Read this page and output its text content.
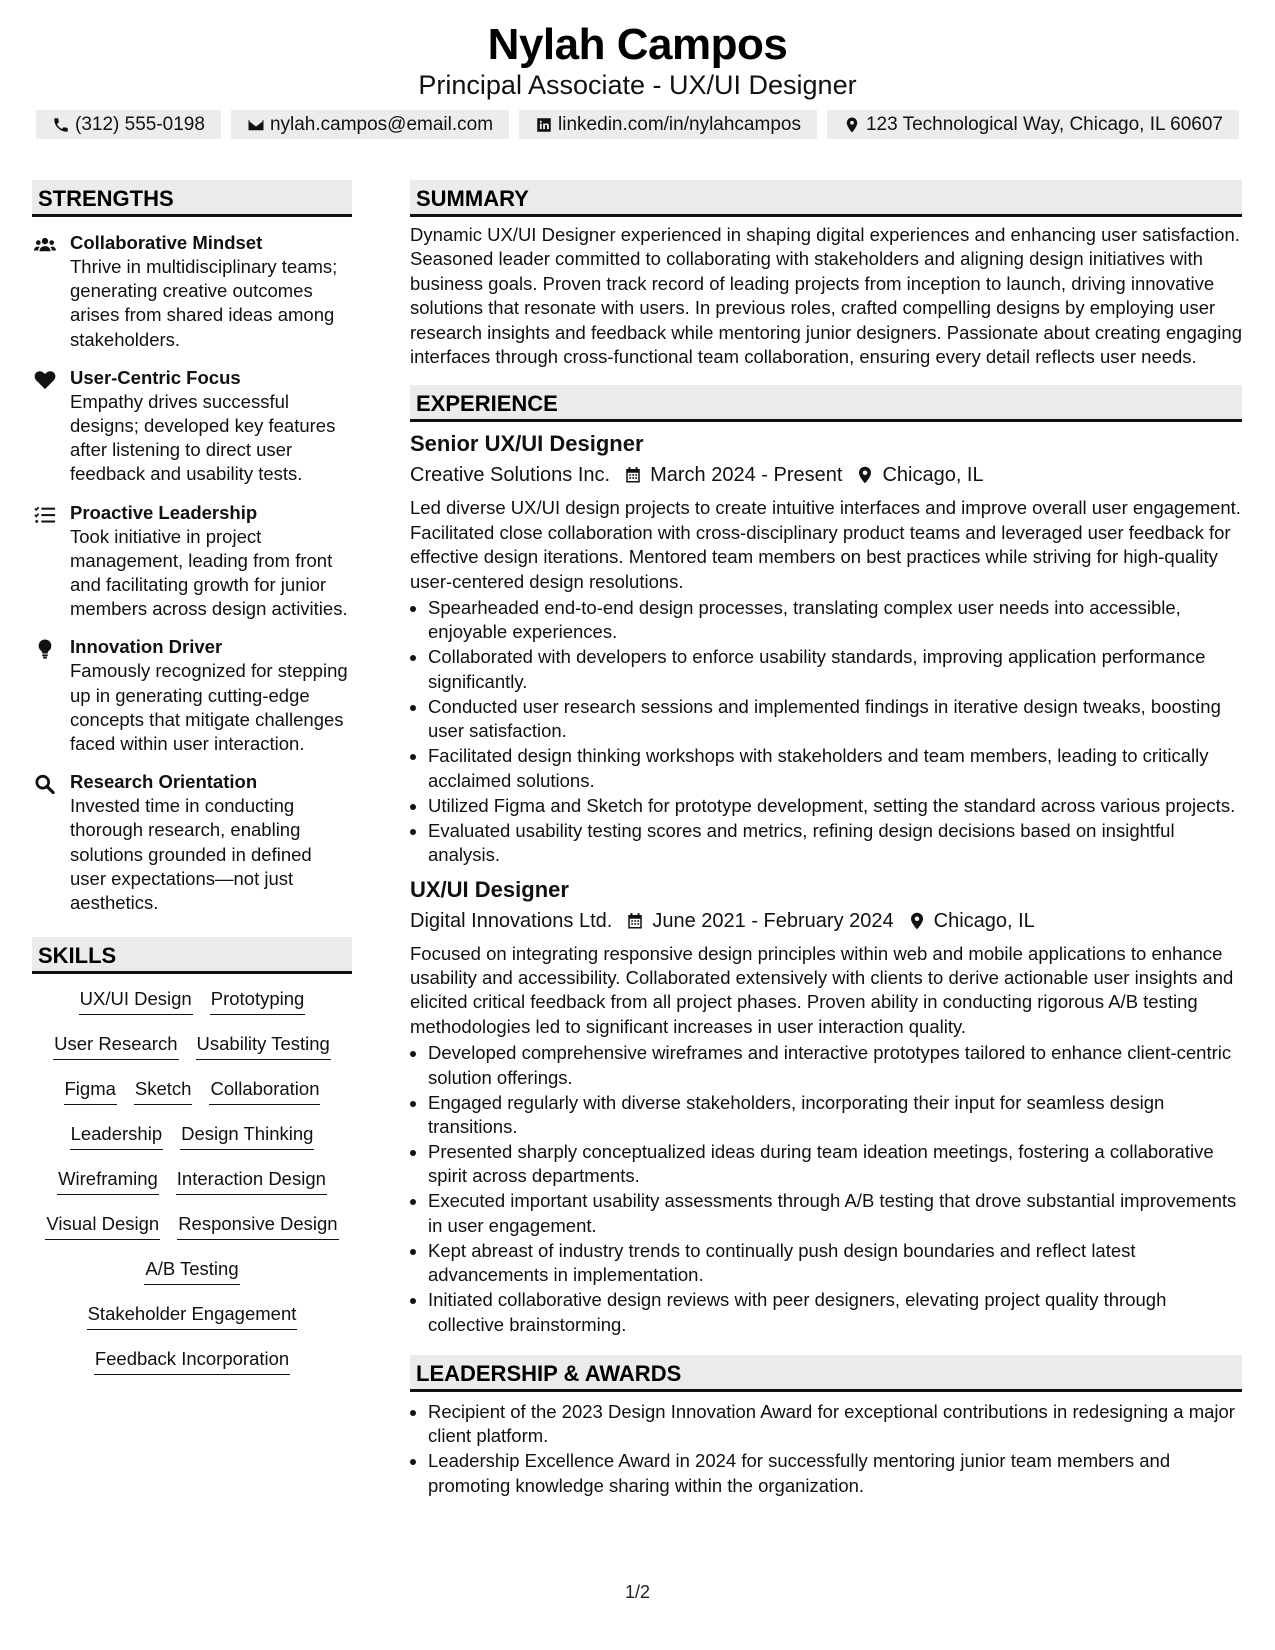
Nylah Campos
Principal Associate - UX/UI Designer
(312) 555-0198	nylah.campos@email.com	linkedin.com/in/nylahcampos	123 Technological Way, Chicago, IL 60607
STRENGTHS
Collaborative Mindset
Thrive in multidisciplinary teams; generating creative outcomes arises from shared ideas among stakeholders.
User-Centric Focus
Empathy drives successful designs; developed key features after listening to direct user feedback and usability tests.
Proactive Leadership
Took initiative in project management, leading from front and facilitating growth for junior members across design activities.
Innovation Driver
Famously recognized for stepping up in generating cutting-edge concepts that mitigate challenges faced within user interaction.
Research Orientation
Invested time in conducting thorough research, enabling solutions grounded in defined user expectations—not just aesthetics.
SKILLS
UX/UI Design Prototyping
User Research Usability Testing
Figma Sketch Collaboration
Leadership Design Thinking
Wireframing Interaction Design
Visual Design Responsive Design
A/B Testing
Stakeholder Engagement
Feedback Incorporation
SUMMARY
Dynamic UX/UI Designer experienced in shaping digital experiences and enhancing user satisfaction. Seasoned leader committed to collaborating with stakeholders and aligning design initiatives with business goals. Proven track record of leading projects from inception to launch, driving innovative solutions that resonate with users. In previous roles, crafted compelling designs by employing user research insights and feedback while mentoring junior designers. Passionate about creating engaging interfaces through cross-functional team collaboration, ensuring every detail reflects user needs.
EXPERIENCE
Senior UX/UI Designer
Creative Solutions Inc. March 2024 - Present Chicago, IL
Led diverse UX/UI design projects to create intuitive interfaces and improve overall user engagement. Facilitated close collaboration with cross-disciplinary product teams and leveraged user feedback for effective design iterations. Mentored team members on best practices while striving for high-quality user-centered design resolutions.
• Spearheaded end-to-end design processes, translating complex user needs into accessible, enjoyable experiences.
• Collaborated with developers to enforce usability standards, improving application performance significantly.
• Conducted user research sessions and implemented findings in iterative design tweaks, boosting user satisfaction.
• Facilitated design thinking workshops with stakeholders and team members, leading to critically acclaimed solutions.
• Utilized Figma and Sketch for prototype development, setting the standard across various projects.
• Evaluated usability testing scores and metrics, refining design decisions based on insightful analysis.
UX/UI Designer
Digital Innovations Ltd. June 2021 - February 2024 Chicago, IL
Focused on integrating responsive design principles within web and mobile applications to enhance usability and accessibility. Collaborated extensively with clients to derive actionable user insights and elicited critical feedback from all project phases. Proven ability in conducting rigorous A/B testing methodologies led to significant increases in user interaction quality.
• Developed comprehensive wireframes and interactive prototypes tailored to enhance client-centric solution offerings.
• Engaged regularly with diverse stakeholders, incorporating their input for seamless design transitions.
• Presented sharply conceptualized ideas during team ideation meetings, fostering a collaborative spirit across departments.
• Executed important usability assessments through A/B testing that drove substantial improvements in user engagement.
• Kept abreast of industry trends to continually push design boundaries and reflect latest advancements in implementation.
• Initiated collaborative design reviews with peer designers, elevating project quality through collective brainstorming.
LEADERSHIP & AWARDS
• Recipient of the 2023 Design Innovation Award for exceptional contributions in redesigning a major client platform.
• Leadership Excellence Award in 2024 for successfully mentoring junior team members and promoting knowledge sharing within the organization.
1/2
